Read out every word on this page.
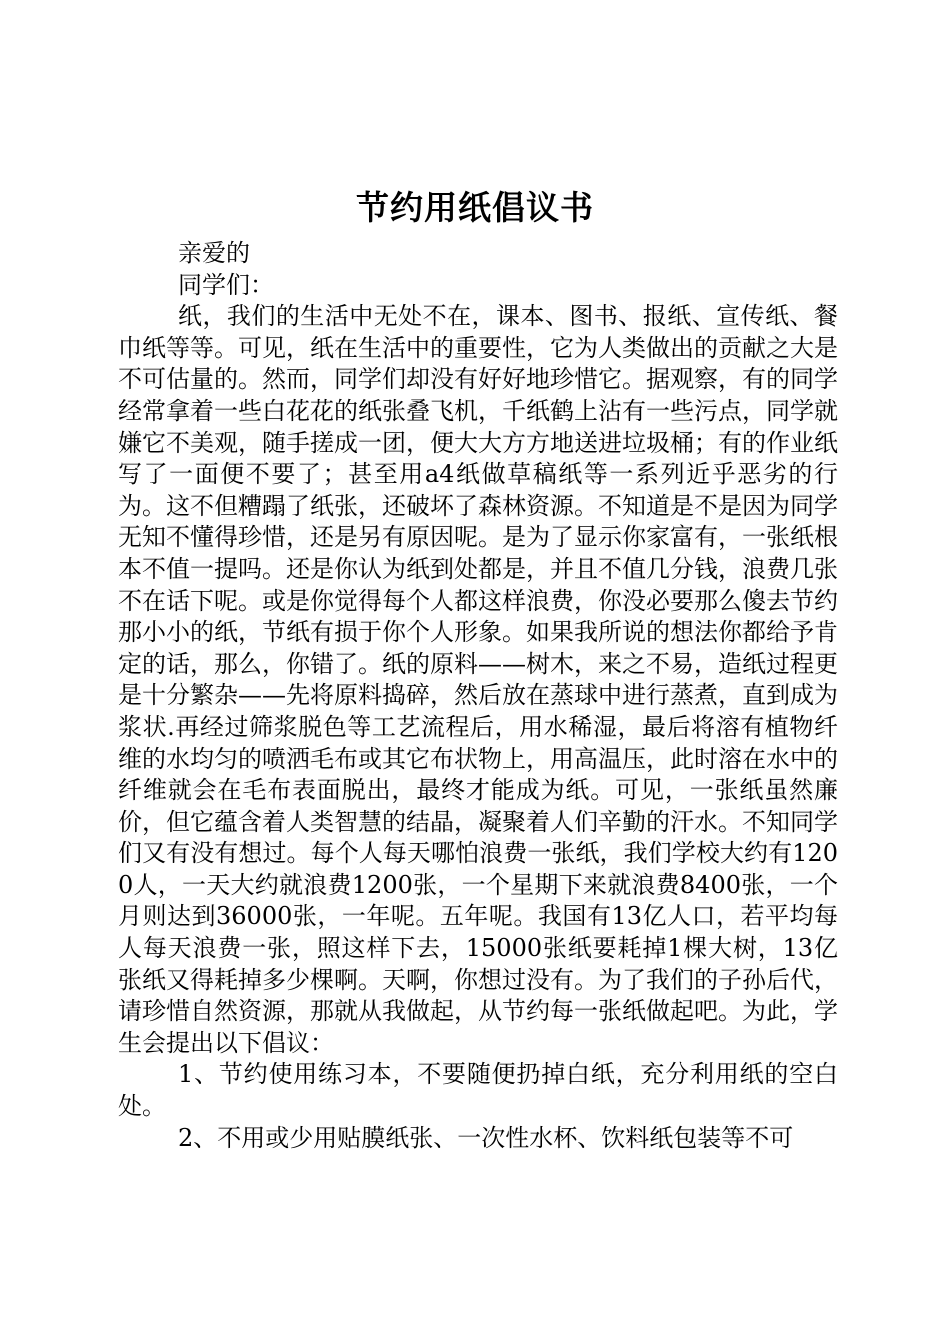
节约用纸倡议书

亲爱的

同学们：

纸，我们的生活中无处不在，课本、图书、报纸、宣传纸、餐巾纸等等。可见，纸在生活中的重要性，它为人类做出的贡献之大是不可估量的。然而，同学们却没有好好地珍惜它。据观察，有的同学经常拿着一些白花花的纸张叠飞机，千纸鹤上沾有一些污点，同学就嫌它不美观，随手搓成一团，便大大方方地送进垃圾桶；有的作业纸写了一面便不要了；甚至用a4纸做草稿纸等一系列近乎恶劣的行为。这不但糟蹋了纸张，还破坏了森林资源。不知道是不是因为同学无知不懂得珍惜，还是另有原因呢。是为了显示你家富有，一张纸根本不值一提吗。还是你认为纸到处都是，并且不值几分钱，浪费几张不在话下呢。或是你觉得每个人都这样浪费，你没必要那么傻去节约那小小的纸，节纸有损于你个人形象。如果我所说的想法你都给予肯定的话，那么，你错了。纸的原料——树木，来之不易，造纸过程更是十分繁杂——先将原料捣碎，然后放在蒸球中进行蒸煮，直到成为浆状.再经过筛浆脱色等工艺流程后，用水稀湿，最后将溶有植物纤维的水均匀的喷洒毛布或其它布状物上，用高温压，此时溶在水中的纤维就会在毛布表面脱出，最终才能成为纸。可见，一张纸虽然廉价，但它蕴含着人类智慧的结晶，凝聚着人们辛勤的汗水。不知同学们又有没有想过。每个人每天哪怕浪费一张纸，我们学校大约有1200人，一天大约就浪费1200张，一个星期下来就浪费8400张，一个月则达到36000张，一年呢。五年呢。我国有13亿人口，若平均每人每天浪费一张，照这样下去，15000张纸要耗掉1棵大树，13亿张纸又得耗掉多少棵啊。天啊，你想过没有。为了我们的子孙后代，请珍惜自然资源，那就从我做起，从节约每一张纸做起吧。为此，学生会提出以下倡议：

1、节约使用练习本，不要随便扔掉白纸，充分利用纸的空白处。

2、不用或少用贴膜纸张、一次性水杯、饮料纸包装等不可
